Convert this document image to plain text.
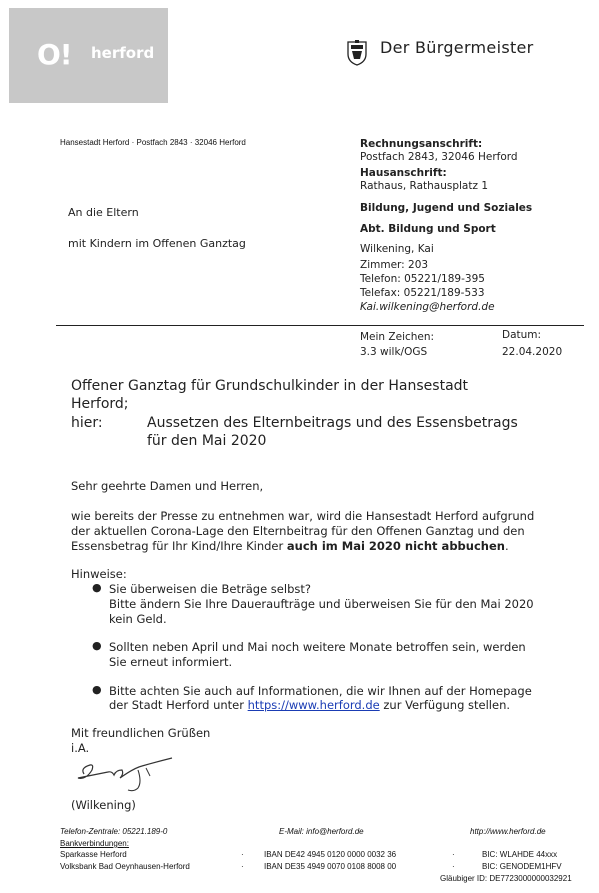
O! herford	Der Bürgermeister
Hansestadt Herford · Postfach 2843 · 32046 Herford
An die Eltern
mit Kindern im Offenen Ganztag
Rechnungsanschrift:
Postfach 2843, 32046 Herford
Hausanschrift:
Rathaus, Rathausplatz 1
Bildung, Jugend und Soziales
Abt. Bildung und Sport
Wilkening, Kai
Zimmer: 203
Telefon: 05221/189-395
Telefax: 05221/189-533
Kai.wilkening@herford.de
Mein Zeichen:
3.3 wilk/OGS
Datum:
22.04.2020
Offener Ganztag für Grundschulkinder in der Hansestadt
Herford;
hier:	Aussetzen des Elternbeitrags und des Essensbetrags
für den Mai 2020
Sehr geehrte Damen und Herren,
wie bereits der Presse zu entnehmen war, wird die Hansestadt Herford aufgrund
der aktuellen Corona-Lage den Elternbeitrag für den Offenen Ganztag und den
Essensbetrag für Ihr Kind/Ihre Kinder auch im Mai 2020 nicht abbuchen.
Hinweise:
● Sie überweisen die Beträge selbst?
Bitte ändern Sie Ihre Daueraufträge und überweisen Sie für den Mai 2020
kein Geld.
● Sollten neben April und Mai noch weitere Monate betroffen sein, werden
Sie erneut informiert.
● Bitte achten Sie auch auf Informationen, die wir Ihnen auf der Homepage
der Stadt Herford unter https://www.herford.de zur Verfügung stellen.
Mit freundlichen Grüßen
i.A.
(Wilkening)
Telefon-Zentrale: 05221.189-0	E-Mail: info@herford.de	http://www.herford.de
Bankverbindungen:
Sparkasse Herford	·	IBAN DE42 4945 0120 0000 0032 36	·	BIC: WLAHDE 44xxx
Volksbank Bad Oeynhausen-Herford	·	IBAN DE35 4949 0070 0108 8008 00	·	BIC: GENODEM1HFV
Gläubiger ID: DE7723000000032921
